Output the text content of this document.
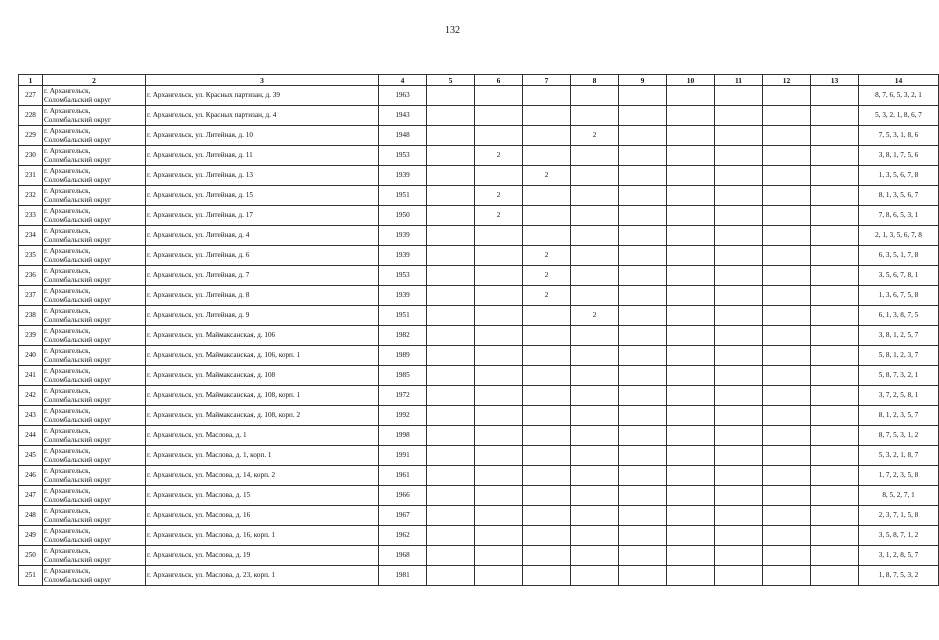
132
1	2	3	4	5	6	7	8	9	10	11	12	13	14
227	г. Архангельск,
Соломбальский округ	г. Архангельск, ул. Красных партизан, д. 39	1963										8, 7, 6, 5, 3, 2, 1
228	г. Архангельск,
Соломбальский округ	г. Архангельск, ул. Красных партизан, д. 4	1943										5, 3, 2, 1, 8, 6, 7
229	г. Архангельск,
Соломбальский округ	г. Архангельск, ул. Литейная, д. 10	1948				2						7, 5, 3, 1, 8, 6
230	г. Архангельск,
Соломбальский округ	г. Архангельск, ул. Литейная, д. 11	1953		2								3, 8, 1, 7, 5, 6
231	г. Архангельск,
Соломбальский округ	г. Архангельск, ул. Литейная, д. 13	1939			2							1, 3, 5, 6, 7, 8
232	г. Архангельск,
Соломбальский округ	г. Архангельск, ул. Литейная, д. 15	1951		2								8, 1, 3, 5, 6, 7
233	г. Архангельск,
Соломбальский округ	г. Архангельск, ул. Литейная, д. 17	1950		2								7, 8, 6, 5, 3, 1
234	г. Архангельск,
Соломбальский округ	г. Архангельск, ул. Литейная, д. 4	1939										2, 1, 3, 5, 6, 7, 8
235	г. Архангельск,
Соломбальский округ	г. Архангельск, ул. Литейная, д. 6	1939			2							6, 3, 5, 1, 7, 8
236	г. Архангельск,
Соломбальский округ	г. Архангельск, ул. Литейная, д. 7	1953			2							3, 5, 6, 7, 8, 1
237	г. Архангельск,
Соломбальский округ	г. Архангельск, ул. Литейная, д. 8	1939			2							1, 3, 6, 7, 5, 8
238	г. Архангельск,
Соломбальский округ	г. Архангельск, ул. Литейная, д. 9	1951				2						6, 1, 3, 8, 7, 5
239	г. Архангельск,
Соломбальский округ	г. Архангельск, ул. Маймаксанская, д. 106	1982										3, 8, 1, 2, 5, 7
240	г. Архангельск,
Соломбальский округ	г. Архангельск, ул. Маймаксанская, д. 106, корп. 1	1989										5, 8, 1, 2, 3, 7
241	г. Архангельск,
Соломбальский округ	г. Архангельск, ул. Маймаксанская, д. 108	1985										5, 8, 7, 3, 2, 1
242	г. Архангельск,
Соломбальский округ	г. Архангельск, ул. Маймаксанская, д. 108, корп. 1	1972										3, 7, 2, 5, 8, 1
243	г. Архангельск,
Соломбальский округ	г. Архангельск, ул. Маймаксанская, д. 108, корп. 2	1992										8, 1, 2, 3, 5, 7
244	г. Архангельск,
Соломбальский округ	г. Архангельск, ул. Маслова, д. 1	1998										8, 7, 5, 3, 1, 2
245	г. Архангельск,
Соломбальский округ	г. Архангельск, ул. Маслова, д. 1, корп. 1	1991										5, 3, 2, 1, 8, 7
246	г. Архангельск,
Соломбальский округ	г. Архангельск, ул. Маслова, д. 14, корп. 2	1961										1, 7, 2, 3, 5, 8
247	г. Архангельск,
Соломбальский округ	г. Архангельск, ул. Маслова, д. 15	1966										8, 5, 2, 7, 1
248	г. Архангельск,
Соломбальский округ	г. Архангельск, ул. Маслова, д. 16	1967										2, 3, 7, 1, 5, 8
249	г. Архангельск,
Соломбальский округ	г. Архангельск, ул. Маслова, д. 16, корп. 1	1962										3, 5, 8, 7, 1, 2
250	г. Архангельск,
Соломбальский округ	г. Архангельск, ул. Маслова, д. 19	1968										3, 1, 2, 8, 5, 7
251	г. Архангельск,
Соломбальский округ	г. Архангельск, ул. Маслова, д. 23, корп. 1	1981										1, 8, 7, 5, 3, 2
